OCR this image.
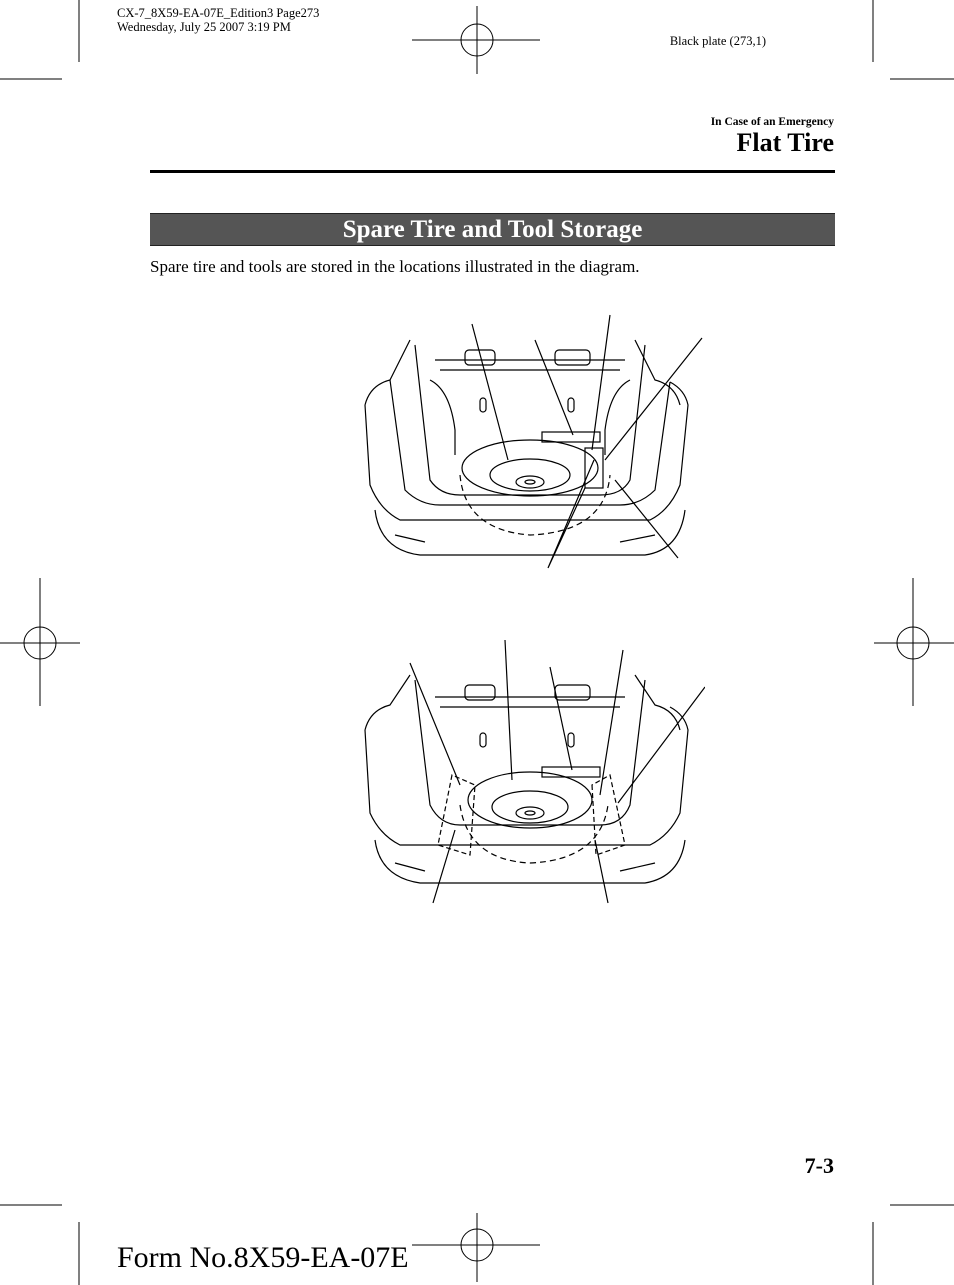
CX-7_8X59-EA-07E_Edition3 Page273
Wednesday, July 25 2007 3:19 PM
Black plate (273,1)
In Case of an Emergency
Flat Tire
Spare Tire and Tool Storage
Spare tire and tools are stored in the locations illustrated in the diagram.
7-3
Form No.8X59-EA-07E
